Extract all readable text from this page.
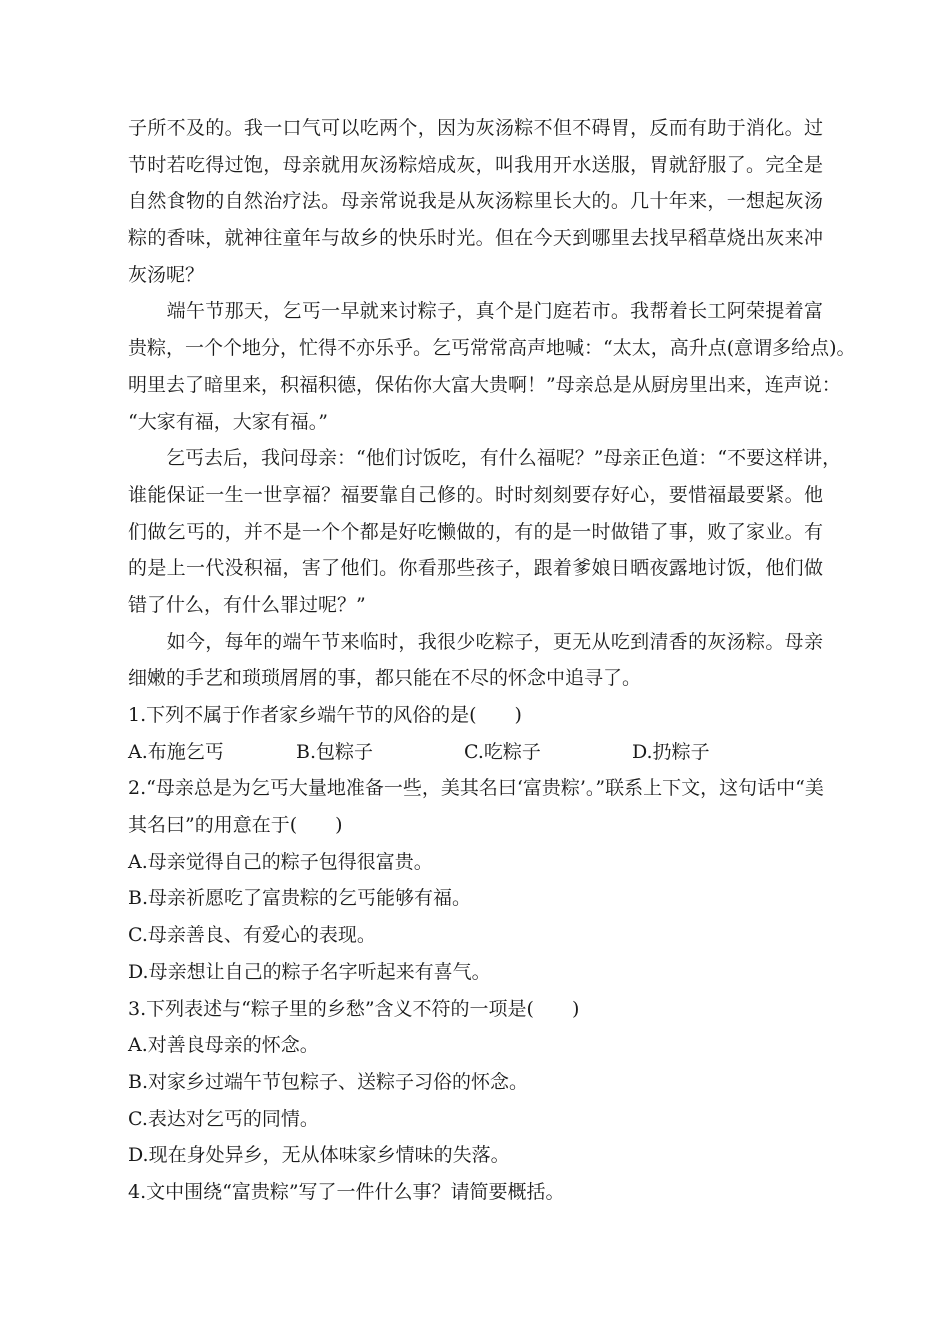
子所不及的。我一口气可以吃两个，因为灰汤粽不但不碍胃，反而有助于消化。过
节时若吃得过饱，母亲就用灰汤粽焙成灰，叫我用开水送服，胃就舒服了。完全是
自然食物的自然治疗法。母亲常说我是从灰汤粽里长大的。几十年来，一想起灰汤
粽的香味，就神往童年与故乡的快乐时光。但在今天到哪里去找早稻草烧出灰来冲
灰汤呢？
　　端午节那天，乞丐一早就来讨粽子，真个是门庭若市。我帮着长工阿荣提着富
贵粽，一个个地分，忙得不亦乐乎。乞丐常常高声地喊：“太太，高升点(意谓多给点)。
明里去了暗里来，积福积德，保佑你大富大贵啊！”母亲总是从厨房里出来，连声说：
“大家有福，大家有福。”
　　乞丐去后，我问母亲：“他们讨饭吃，有什么福呢？”母亲正色道：“不要这样讲，
谁能保证一生一世享福？福要靠自己修的。时时刻刻要存好心，要惜福最要紧。他
们做乞丐的，并不是一个个都是好吃懒做的，有的是一时做错了事，败了家业。有
的是上一代没积福，害了他们。你看那些孩子，跟着爹娘日晒夜露地讨饭，他们做
错了什么，有什么罪过呢？”
　　如今，每年的端午节来临时，我很少吃粽子，更无从吃到清香的灰汤粽。母亲
细嫩的手艺和琐琐屑屑的事，都只能在不尽的怀念中追寻了。
1.下列不属于作者家乡端午节的风俗的是(　　)
A.布施乞丐	B.包粽子	C.吃粽子	D.扔粽子
2.“母亲总是为乞丐大量地准备一些，美其名曰‘富贵粽’。”联系上下文，这句话中“美
其名曰”的用意在于(　　)
A.母亲觉得自己的粽子包得很富贵。
B.母亲祈愿吃了富贵粽的乞丐能够有福。
C.母亲善良、有爱心的表现。
D.母亲想让自己的粽子名字听起来有喜气。
3.下列表述与“粽子里的乡愁”含义不符的一项是(　　)
A.对善良母亲的怀念。
B.对家乡过端午节包粽子、送粽子习俗的怀念。
C.表达对乞丐的同情。
D.现在身处异乡，无从体味家乡情味的失落。
4.文中围绕“富贵粽”写了一件什么事？请简要概括。
